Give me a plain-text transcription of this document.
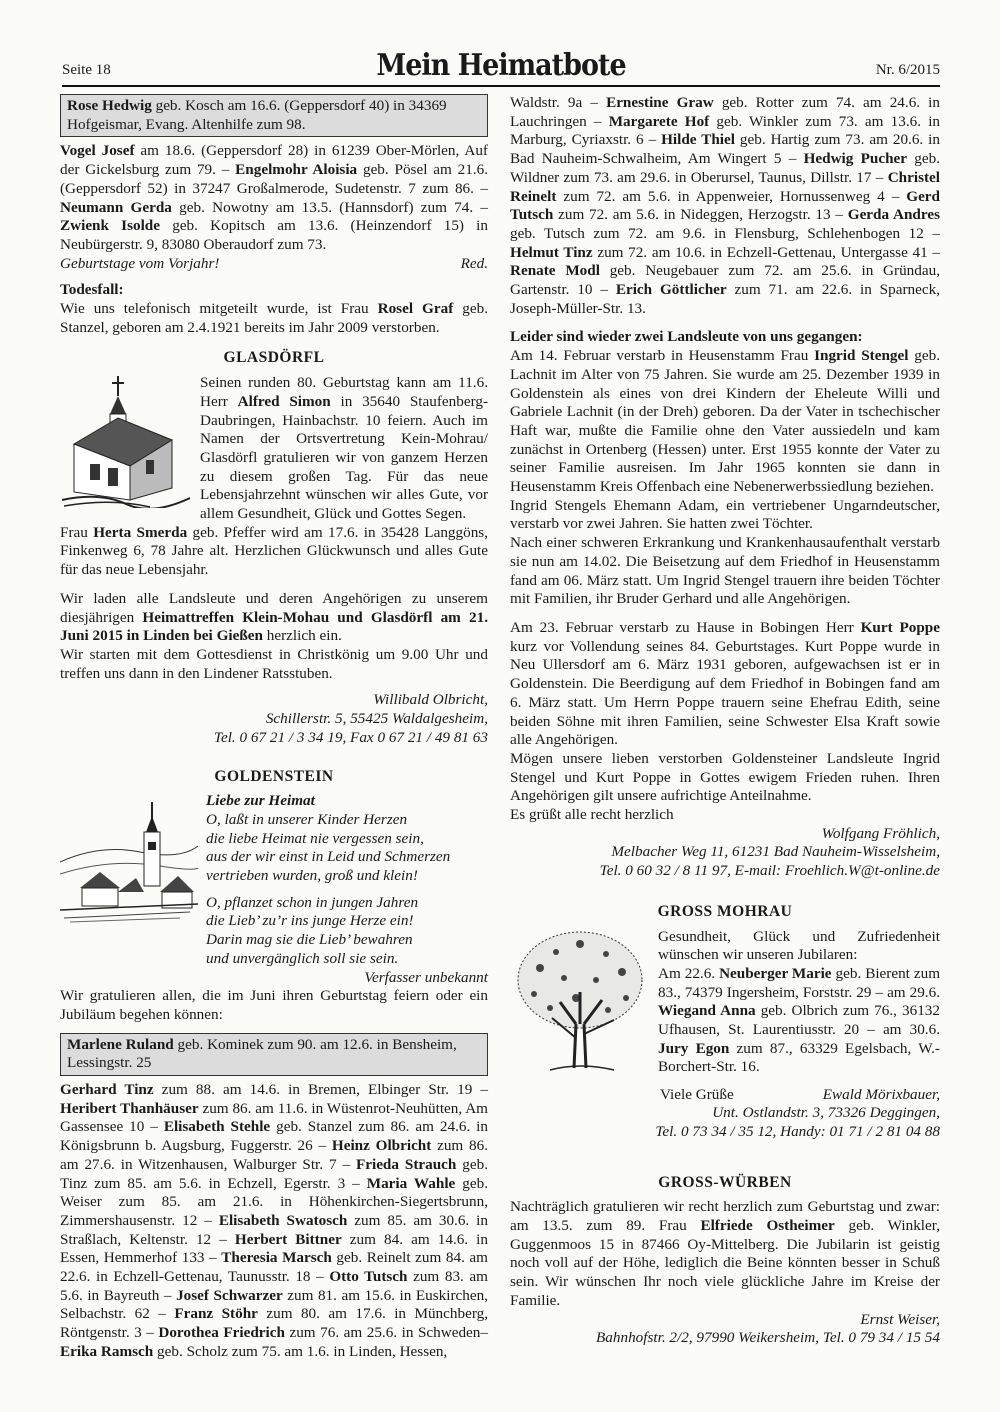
Seite 18	Mein Heimatbote	Nr. 6/2015
Rose Hedwig geb. Kosch am 16.6. (Geppersdorf 40) in 34369 Hofgeismar, Evang. Altenhilfe zum 98.

Vogel Josef am 18.6. (Geppersdorf 28) in 61239 Ober-Mörlen, Auf der Gickelsburg zum 79. – Engelmohr Aloisia geb. Pösel am 21.6. (Geppersdorf 52) in 37247 Großalmerode, Sudetenstr. 7 zum 86. – Neumann Gerda geb. Nowotny am 13.5. (Hannsdorf) zum 74. – Zwienk Isolde geb. Kopitsch am 13.6. (Heinzendorf 15) in Neubürgerstr. 9, 83080 Oberaudorf zum 73.

Geburtstage vom Vorjahr!	Red.

Todesfall:

Wie uns telefonisch mitgeteilt wurde, ist Frau Rosel Graf geb. Stanzel, geboren am 2.4.1921 bereits im Jahr 2009 verstorben.

GLASDÖRFL

Seinen runden 80. Geburtstag kann am 11.6. Herr Alfred Simon in 35640 Staufenberg-Daubringen, Hainbachstr. 10 feiern. Auch im Namen der Ortsvertretung Kein-Mohrau/ Glasdörfl gratulieren wir von ganzem Herzen zu diesem großen Tag. Für das neue Lebensjahrzehnt wünschen wir alles Gute, vor allem Gesundheit, Glück und Gottes Segen.

Frau Herta Smerda geb. Pfeffer wird am 17.6. in 35428 Langgöns, Finkenweg 6, 78 Jahre alt. Herzlichen Glückwunsch und alles Gute für das neue Lebensjahr.

Wir laden alle Landsleute und deren Angehörigen zu unserem diesjährigen Heimattreffen Klein-Mohau und Glasdörfl am 21. Juni 2015 in Linden bei Gießen herzlich ein.

Wir starten mit dem Gottesdienst in Christkönig um 9.00 Uhr und treffen uns dann in den Lindener Ratsstuben.

Willibald Olbricht,
Schillerstr. 5, 55425 Waldalgesheim,
Tel. 0 67 21 / 3 34 19, Fax 0 67 21 / 49 81 63
GOLDENSTEIN
Liebe zur Heimat
O, laßt in unserer Kinder Herzen
die liebe Heimat nie vergessen sein,
aus der wir einst in Leid und Schmerzen
vertrieben wurden, groß und klein!
O, pflanzet schon in jungen Jahren
die Lieb’ zu’r ins junge Herze ein!
Darin mag sie die Lieb’ bewahren
und unvergänglich soll sie sein.
Verfasser unbekannt

Wir gratulieren allen, die im Juni ihren Geburtstag feiern oder ein Jubiläum begehen können:

Marlene Ruland geb. Kominek zum 90. am 12.6. in Bensheim, Lessingstr. 25

Gerhard Tinz zum 88. am 14.6. in Bremen, Elbinger Str. 19 – Heribert Thanhäuser zum 86. am 11.6. in Wüstenrot-Neuhütten, Am Gassensee 10 – Elisabeth Stehle geb. Stanzel zum 86. am 24.6. in Königsbrunn b. Augsburg, Fuggerstr. 26 – Heinz Olbricht zum 86. am 27.6. in Witzenhausen, Walburger Str. 7 – Frieda Strauch geb. Tinz zum 85. am 5.6. in Echzell, Egerstr. 3 – Maria Wahle geb. Weiser zum 85. am 21.6. in Höhenkirchen-Siegertsbrunn, Zimmershausenstr. 12 – Elisabeth Swatosch zum 85. am 30.6. in Straßlach, Keltenstr. 12 – Herbert Bittner zum 84. am 14.6. in Essen, Hemmerhof 133 – Theresia Marsch geb. Reinelt zum 84. am 22.6. in Echzell-Gettenau, Taunusstr. 18 – Otto Tutsch zum 83. am 5.6. in Bayreuth – Josef Schwarzer zum 81. am 15.6. in Euskirchen, Selbachstr. 62 – Franz Stöhr zum 80. am 17.6. in Münchberg, Röntgenstr. 3 – Dorothea Friedrich zum 76. am 25.6. in Schweden– Erika Ramsch geb. Scholz zum 75. am 1.6. in Linden, Hessen,

Waldstr. 9a – Ernestine Graw geb. Rotter zum 74. am 24.6. in Lauchringen – Margarete Hof geb. Winkler zum 73. am 13.6. in Marburg, Cyriaxstr. 6 – Hilde Thiel geb. Hartig zum 73. am 20.6. in Bad Nauheim-Schwalheim, Am Wingert 5 – Hedwig Pucher geb. Wildner zum 73. am 29.6. in Oberursel, Taunus, Dillstr. 17 – Christel Reinelt zum 72. am 5.6. in Appenweier, Hornussenweg 4 – Gerd Tutsch zum 72. am 5.6. in Nideggen, Herzogstr. 13 – Gerda Andres geb. Tutsch zum 72. am 9.6. in Flensburg, Schlehenbogen 12 – Helmut Tinz zum 72. am 10.6. in Echzell-Gettenau, Untergasse 41 – Renate Modl geb. Neugebauer zum 72. am 25.6. in Gründau, Gartenstr. 10 – Erich Göttlicher zum 71. am 22.6. in Sparneck, Joseph-Müller-Str. 13.

Leider sind wieder zwei Landsleute von uns gegangen:

Am 14. Februar verstarb in Heusenstamm Frau Ingrid Stengel geb. Lachnit im Alter von 75 Jahren. Sie wurde am 25. Dezember 1939 in Goldenstein als eines von drei Kindern der Eheleute Willi und Gabriele Lachnit (in der Dreh) geboren. Da der Vater in tschechischer Haft war, mußte die Familie ohne den Vater aussiedeln und kam zunächst in Ortenberg (Hessen) unter. Erst 1955 konnte der Vater zu seiner Familie ausreisen. Im Jahr 1965 konnten sie dann in Heusenstamm Kreis Offenbach eine Nebenerwerbssiedlung beziehen.

Ingrid Stengels Ehemann Adam, ein vertriebener Ungarndeutscher, verstarb vor zwei Jahren. Sie hatten zwei Töchter.

Nach einer schweren Erkrankung und Krankenhausaufenthalt verstarb sie nun am 14.02. Die Beisetzung auf dem Friedhof in Heusenstamm fand am 06. März statt. Um Ingrid Stengel trauern ihre beiden Töchter mit Familien, ihr Bruder Gerhard und alle Angehörigen.

Am 23. Februar verstarb zu Hause in Bobingen Herr Kurt Poppe kurz vor Vollendung seines 84. Geburtstages. Kurt Poppe wurde in Neu Ullersdorf am 6. März 1931 geboren, aufgewachsen ist er in Goldenstein. Die Beerdigung auf dem Friedhof in Bobingen fand am 6. März statt. Um Herrn Poppe trauern seine Ehefrau Edith, seine beiden Söhne mit ihren Familien, seine Schwester Elsa Kraft sowie alle Angehörigen.

Mögen unsere lieben verstorben Goldensteiner Landsleute Ingrid Stengel und Kurt Poppe in Gottes ewigem Frieden ruhen. Ihren Angehörigen gilt unsere aufrichtige Anteilnahme.

Es grüßt alle recht herzlich

Wolfgang Fröhlich,
Melbacher Weg 11, 61231 Bad Nauheim-Wisselsheim,
Tel. 0 60 32 / 8 11 97, E-mail: Froehlich.W@t-online.de
GROSS MOHRAU

Gesundheit, Glück und Zufriedenheit wünschen wir unseren Jubilaren:
Am 22.6. Neuberger Marie geb. Bierent zum 83., 74379 Ingersheim, Forststr. 29 – am 29.6. Wiegand Anna geb. Olbrich zum 76., 36132 Ufhausen, St. Laurentiusstr. 20 – am 30.6. Jury Egon zum 87., 63329 Egelsbach, W.-Borchert-Str. 16.

Viele Grüße	Ewald Mörixbauer,
Unt. Ostlandstr. 3, 73326 Deggingen,
Tel. 0 73 34 / 35 12, Handy: 01 71 / 2 81 04 88
GROSS-WÜRBEN

Nachträglich gratulieren wir recht herzlich zum Geburtstag und zwar: am 13.5. zum 89. Frau Elfriede Ostheimer geb. Winkler, Guggenmoos 15 in 87466 Oy-Mittelberg. Die Jubilarin ist geistig noch voll auf der Höhe, lediglich die Beine könnten besser in Schuß sein. Wir wünschen Ihr noch viele glückliche Jahre im Kreise der Familie.

Ernst Weiser,
Bahnhofstr. 2/2, 97990 Weikersheim, Tel. 0 79 34 / 15 54
